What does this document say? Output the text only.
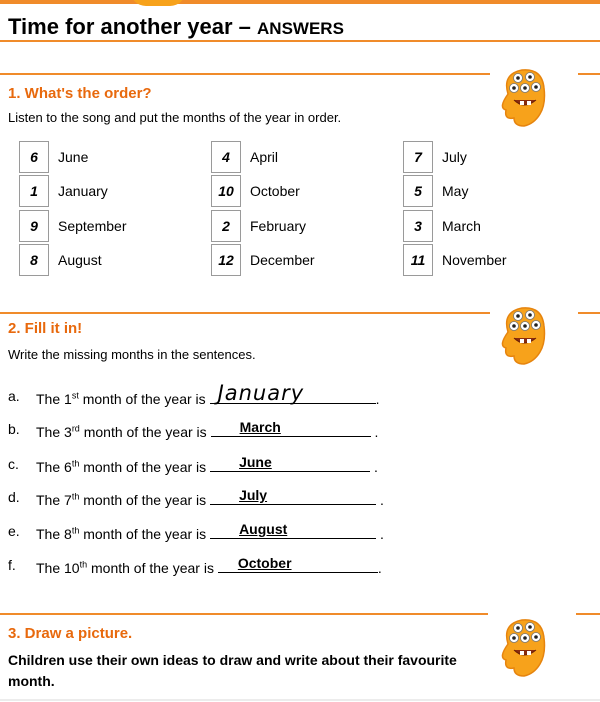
Time for another year – ANSWERS
1. What's the order?
Listen to the song and put the months of the year in order.
6	June
1	January
9	September
8	August
4	April
10	October
2	February
12	December
7	July
5	May
3	March
11	November
2. Fill it in!
Write the missing months in the sentences.
a. The 1st month of the year is January	.
b. The 3rd month of the year is March	.
c. The 6th month of the year is June	.
d. The 7th month of the year is July	.
e. The 8th month of the year is August	.
f. The 10th month of the year is October	.
3. Draw a picture.
Children use their own ideas to draw and write about their favourite month.
